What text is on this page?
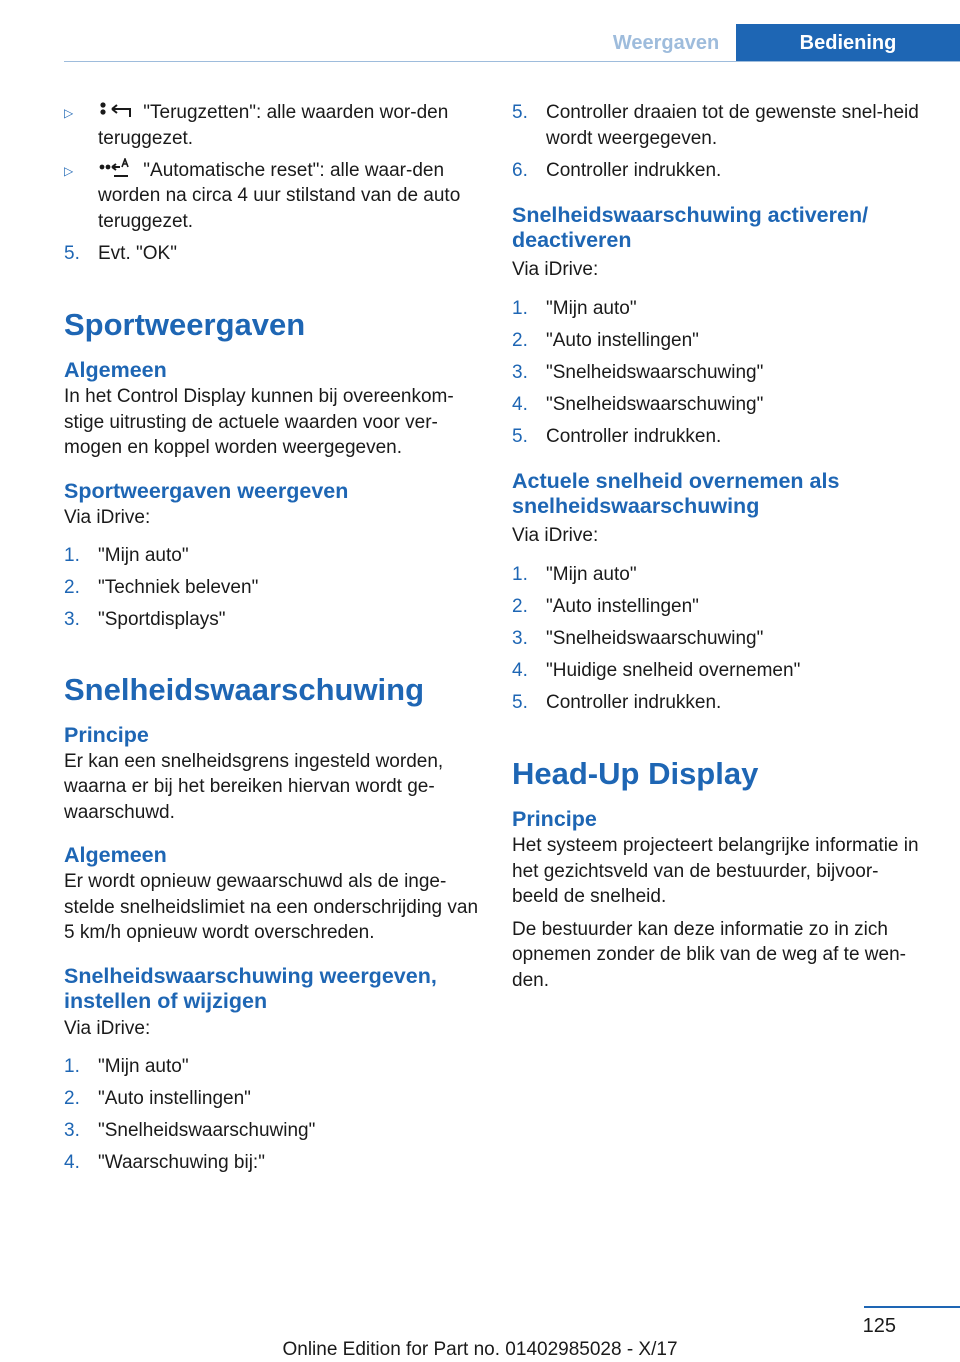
Weergaven	Bediening
▷	"Terugzetten": alle waarden wor-den teruggezet.
▷	"Automatische reset": alle waar-den worden na circa 4 uur stilstand van de auto teruggezet.
5. Evt. "OK"
Sportweergaven
Algemeen
In het Control Display kunnen bij overeenkom-stige uitrusting de actuele waarden voor ver-mogen en koppel worden weergegeven.
Sportweergaven weergeven
Via iDrive:
1. "Mijn auto"
2. "Techniek beleven"
3. "Sportdisplays"
Snelheidswaarschuwing
Principe
Er kan een snelheidsgrens ingesteld worden, waarna er bij het bereiken hiervan wordt ge-waarschuwd.
Algemeen
Er wordt opnieuw gewaarschuwd als de inge-stelde snelheidslimiet na een onderschrijding van 5 km/h opnieuw wordt overschreden.
Snelheidswaarschuwing weergeven, instellen of wijzigen
Via iDrive:
1. "Mijn auto"
2. "Auto instellingen"
3. "Snelheidswaarschuwing"
4. "Waarschuwing bij:"
5. Controller draaien tot de gewenste snel-heid wordt weergegeven.
6. Controller indrukken.
Snelheidswaarschuwing activeren/ deactiveren
Via iDrive:
1. "Mijn auto"
2. "Auto instellingen"
3. "Snelheidswaarschuwing"
4. "Snelheidswaarschuwing"
5. Controller indrukken.
Actuele snelheid overnemen als snelheidswaarschuwing
Via iDrive:
1. "Mijn auto"
2. "Auto instellingen"
3. "Snelheidswaarschuwing"
4. "Huidige snelheid overnemen"
5. Controller indrukken.
Head-Up Display
Principe
Het systeem projecteert belangrijke informatie in het gezichtsveld van de bestuurder, bijvoor-beeld de snelheid.
De bestuurder kan deze informatie zo in zich opnemen zonder de blik van de weg af te wen-den.
125
Online Edition for Part no. 01402985028 - X/17
